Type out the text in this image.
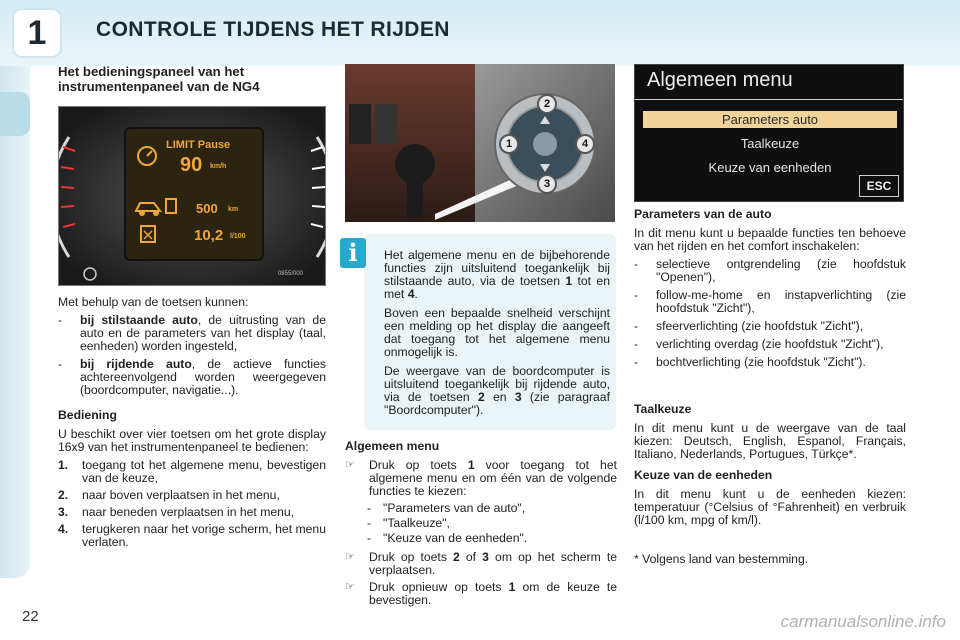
1	CONTROLE TIJDENS HET RIJDEN
Het bedieningspaneel van het instrumentenpaneel van de NG4
LIMIT Pause
90 km/h
500 km
10,2 l/100
0855/000

Met behulp van de toetsen kunnen:

-	bij stilstaande auto, de uitrusting van de auto en de parameters van het display (taal, eenheden) worden ingesteld,
-	bij rijdende auto, de actieve functies achtereenvolgend worden weergegeven (boordcomputer, navigatie...).
Bediening

U beschikt over vier toetsen om het grote display 16x9 van het instrumentenpaneel te bedienen:

1.	toegang tot het algemene menu, bevestigen van de keuze,
2.	naar boven verplaatsen in het menu,
3.	naar beneden verplaatsen in het menu,
4.	terugkeren naar het vorige scherm, het menu verlaten.
1
2
3
4

Het algemene menu en de bijbehorende functies zijn uitsluitend toegankelijk bij stilstaande auto, via de toetsen 1 tot en met 4.

Boven een bepaalde snelheid verschijnt een melding op het display die aangeeft dat toegang tot het algemene menu onmogelijk is.

De weergave van de boordcomputer is uitsluitend toegankelijk bij rijdende auto, via de toetsen 2 en 3 (zie paragraaf "Boordcomputer").

i
Algemeen menu
☞	Druk op toets 1 voor toegang tot het algemene menu en om één van de volgende functies te kiezen:
- "Parameters van de auto",
- "Taalkeuze",
- "Keuze van de eenheden".
☞	Druk op toets 2 of 3 om op het scherm te verplaatsen.
☞	Druk opnieuw op toets 1 om de keuze te bevestigen.
Algemeen menu
Parameters auto
Taalkeuze
Keuze van eenheden
ESC
Parameters van de auto

In dit menu kunt u bepaalde functies ten behoeve van het rijden en het comfort inschakelen:

-	selectieve ontgrendeling (zie hoofdstuk "Openen"),
-	follow-me-home en instapverlichting (zie hoofdstuk "Zicht"),
-	sfeerverlichting (zie hoofdstuk "Zicht"),
-	verlichting overdag (zie hoofdstuk "Zicht"),
-	bochtverlichting (zie hoofdstuk "Zicht").
Taalkeuze

In dit menu kunt u de weergave van de taal kiezen: Deutsch, English, Espanol, Français, Italiano, Nederlands, Portugues, Türkçe*.

Keuze van de eenheden

In dit menu kunt u de eenheden kiezen: temperatuur (°Celsius of °Fahrenheit) en verbruik (l/100 km, mpg of km/l).

* Volgens land van bestemming.

22	carmanualsonline.info
